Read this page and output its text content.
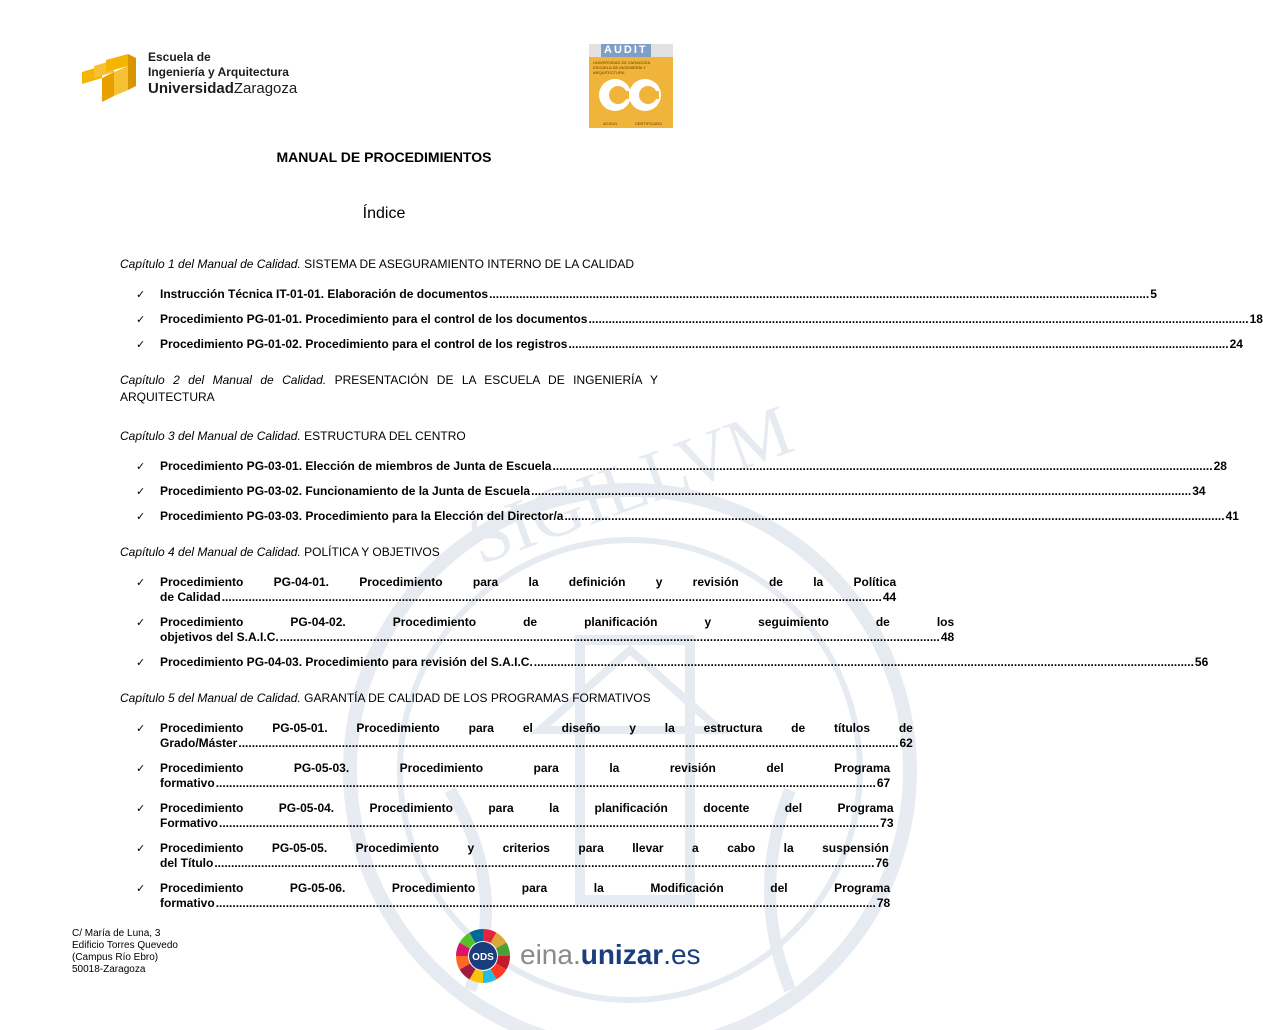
SIGILLVM
Escuela de
Ingeniería y Arquitectura
UniversidadZaragoza
AUDIT
UNIVERSIDAD DE ZARAGOZA ESCUELA DE INGENIERÍA Y ARQUITECTURA
ACSUG	CERTIFICADO
MANUAL DE PROCEDIMIENTOS
Índice
Capítulo 1 del Manual de Calidad. SISTEMA DE ASEGURAMIENTO INTERNO DE LA CALIDAD
✓	Instrucción Técnica IT-01-01. Elaboración de documentos .....	5
✓	Procedimiento PG-01-01. Procedimiento para el control de los documentos .....	18
✓	Procedimiento PG-01-02. Procedimiento para el control de los registros .....	24
Capítulo 2 del Manual de Calidad. PRESENTACIÓN DE LA ESCUELA DE INGENIERÍA Y ARQUITECTURA
Capítulo 3 del Manual de Calidad. ESTRUCTURA DEL CENTRO
✓	Procedimiento PG-03-01. Elección de miembros de Junta de Escuela .....	28
✓	Procedimiento PG-03-02. Funcionamiento de la Junta de Escuela .....	34
✓	Procedimiento PG-03-03. Procedimiento para la Elección del Director/a .....	41
Capítulo 4 del Manual de Calidad. POLÍTICA Y OBJETIVOS
✓	Procedimiento PG-04-01. Procedimiento para la definición y revisión de la Política
de Calidad .....	44
✓	Procedimiento PG-04-02. Procedimiento de planificación y seguimiento de los
objetivos del S.A.I.C. .....	48
✓	Procedimiento PG-04-03. Procedimiento para revisión del S.A.I.C. .....	56
Capítulo 5 del Manual de Calidad. GARANTÍA DE CALIDAD DE LOS PROGRAMAS FORMATIVOS
✓	Procedimiento PG-05-01. Procedimiento para el diseño y la estructura de títulos de
Grado/Máster .....	62
✓	Procedimiento PG-05-03. Procedimiento para la revisión del Programa
formativo .....	67
✓	Procedimiento PG-05-04. Procedimiento para la planificación docente del Programa
Formativo .....	73
✓	Procedimiento PG-05-05. Procedimiento y criterios para llevar a cabo la suspensión
del Título .....	76
✓	Procedimiento PG-05-06. Procedimiento para la Modificación del Programa
formativo .....	78
C/ María de Luna, 3
Edificio Torres Quevedo
(Campus Río Ebro)
50018-Zaragoza
ODS eina.unizar.es
